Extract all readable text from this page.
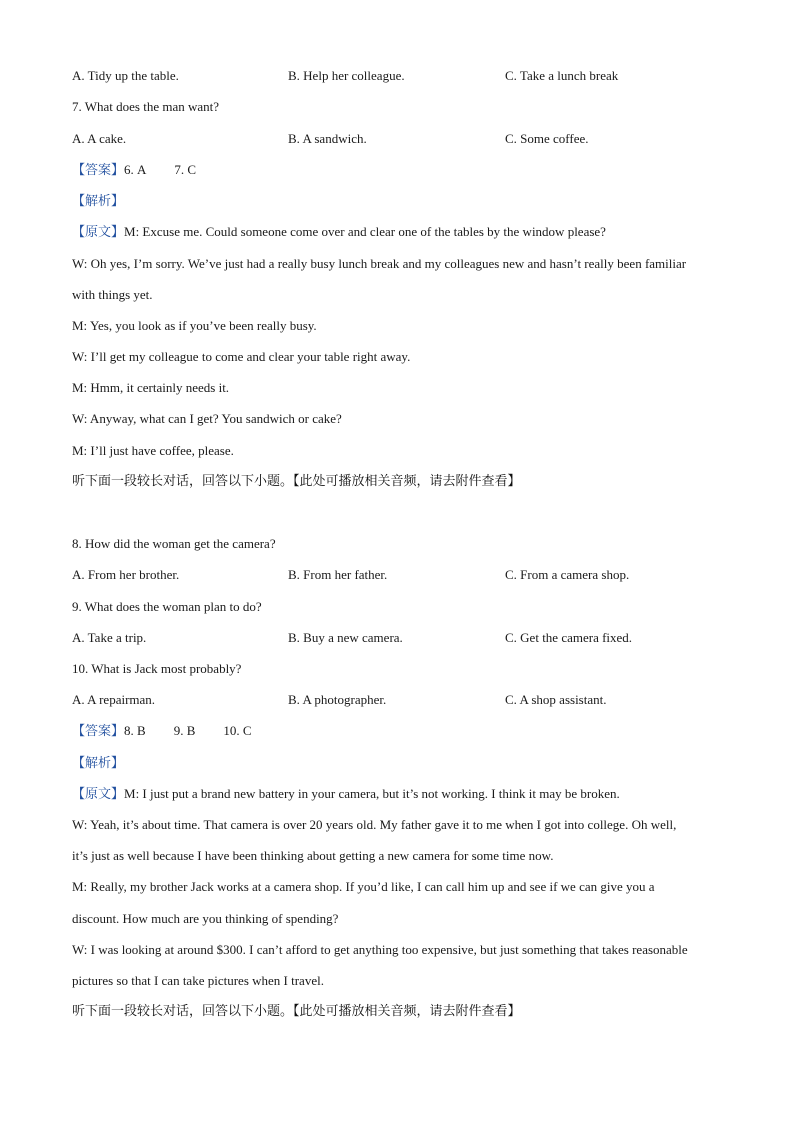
A. Tidy up the table.	B. Help her colleague.	C. Take a lunch break
7. What does the man want?
A. A cake.	B. A sandwich.	C. Some coffee.
【答案】6. A 7. C
【解析】
【原文】M: Excuse me. Could someone come over and clear one of the tables by the window please?
W: Oh yes, I’m sorry. We’ve just had a really busy lunch break and my colleagues new and hasn’t really been familiar
with things yet.
M: Yes, you look as if you’ve been really busy.
W: I’ll get my colleague to come and clear your table right away.
M: Hmm, it certainly needs it.
W: Anyway, what can I get? You sandwich or cake?
M: I’ll just have coffee, please.
听下面一段较长对话，回答以下小题。【此处可播放相关音频，请去附件查看】
8. How did the woman get the camera?
A. From her brother.	B. From her father.	C. From a camera shop.
9. What does the woman plan to do?
A. Take a trip.	B. Buy a new camera.	C. Get the camera fixed.
10. What is Jack most probably?
A. A repairman.	B. A photographer.	C. A shop assistant.
【答案】8. B 9. B 10. C
【解析】
【原文】M: I just put a brand new battery in your camera, but it’s not working. I think it may be broken.
W: Yeah, it’s about time. That camera is over 20 years old. My father gave it to me when I got into college. Oh well,
it’s just as well because I have been thinking about getting a new camera for some time now.
M: Really, my brother Jack works at a camera shop. If you’d like, I can call him up and see if we can give you a
discount. How much are you thinking of spending?
W: I was looking at around $300. I can’t afford to get anything too expensive, but just something that takes reasonable
pictures so that I can take pictures when I travel.
听下面一段较长对话，回答以下小题。【此处可播放相关音频，请去附件查看】
